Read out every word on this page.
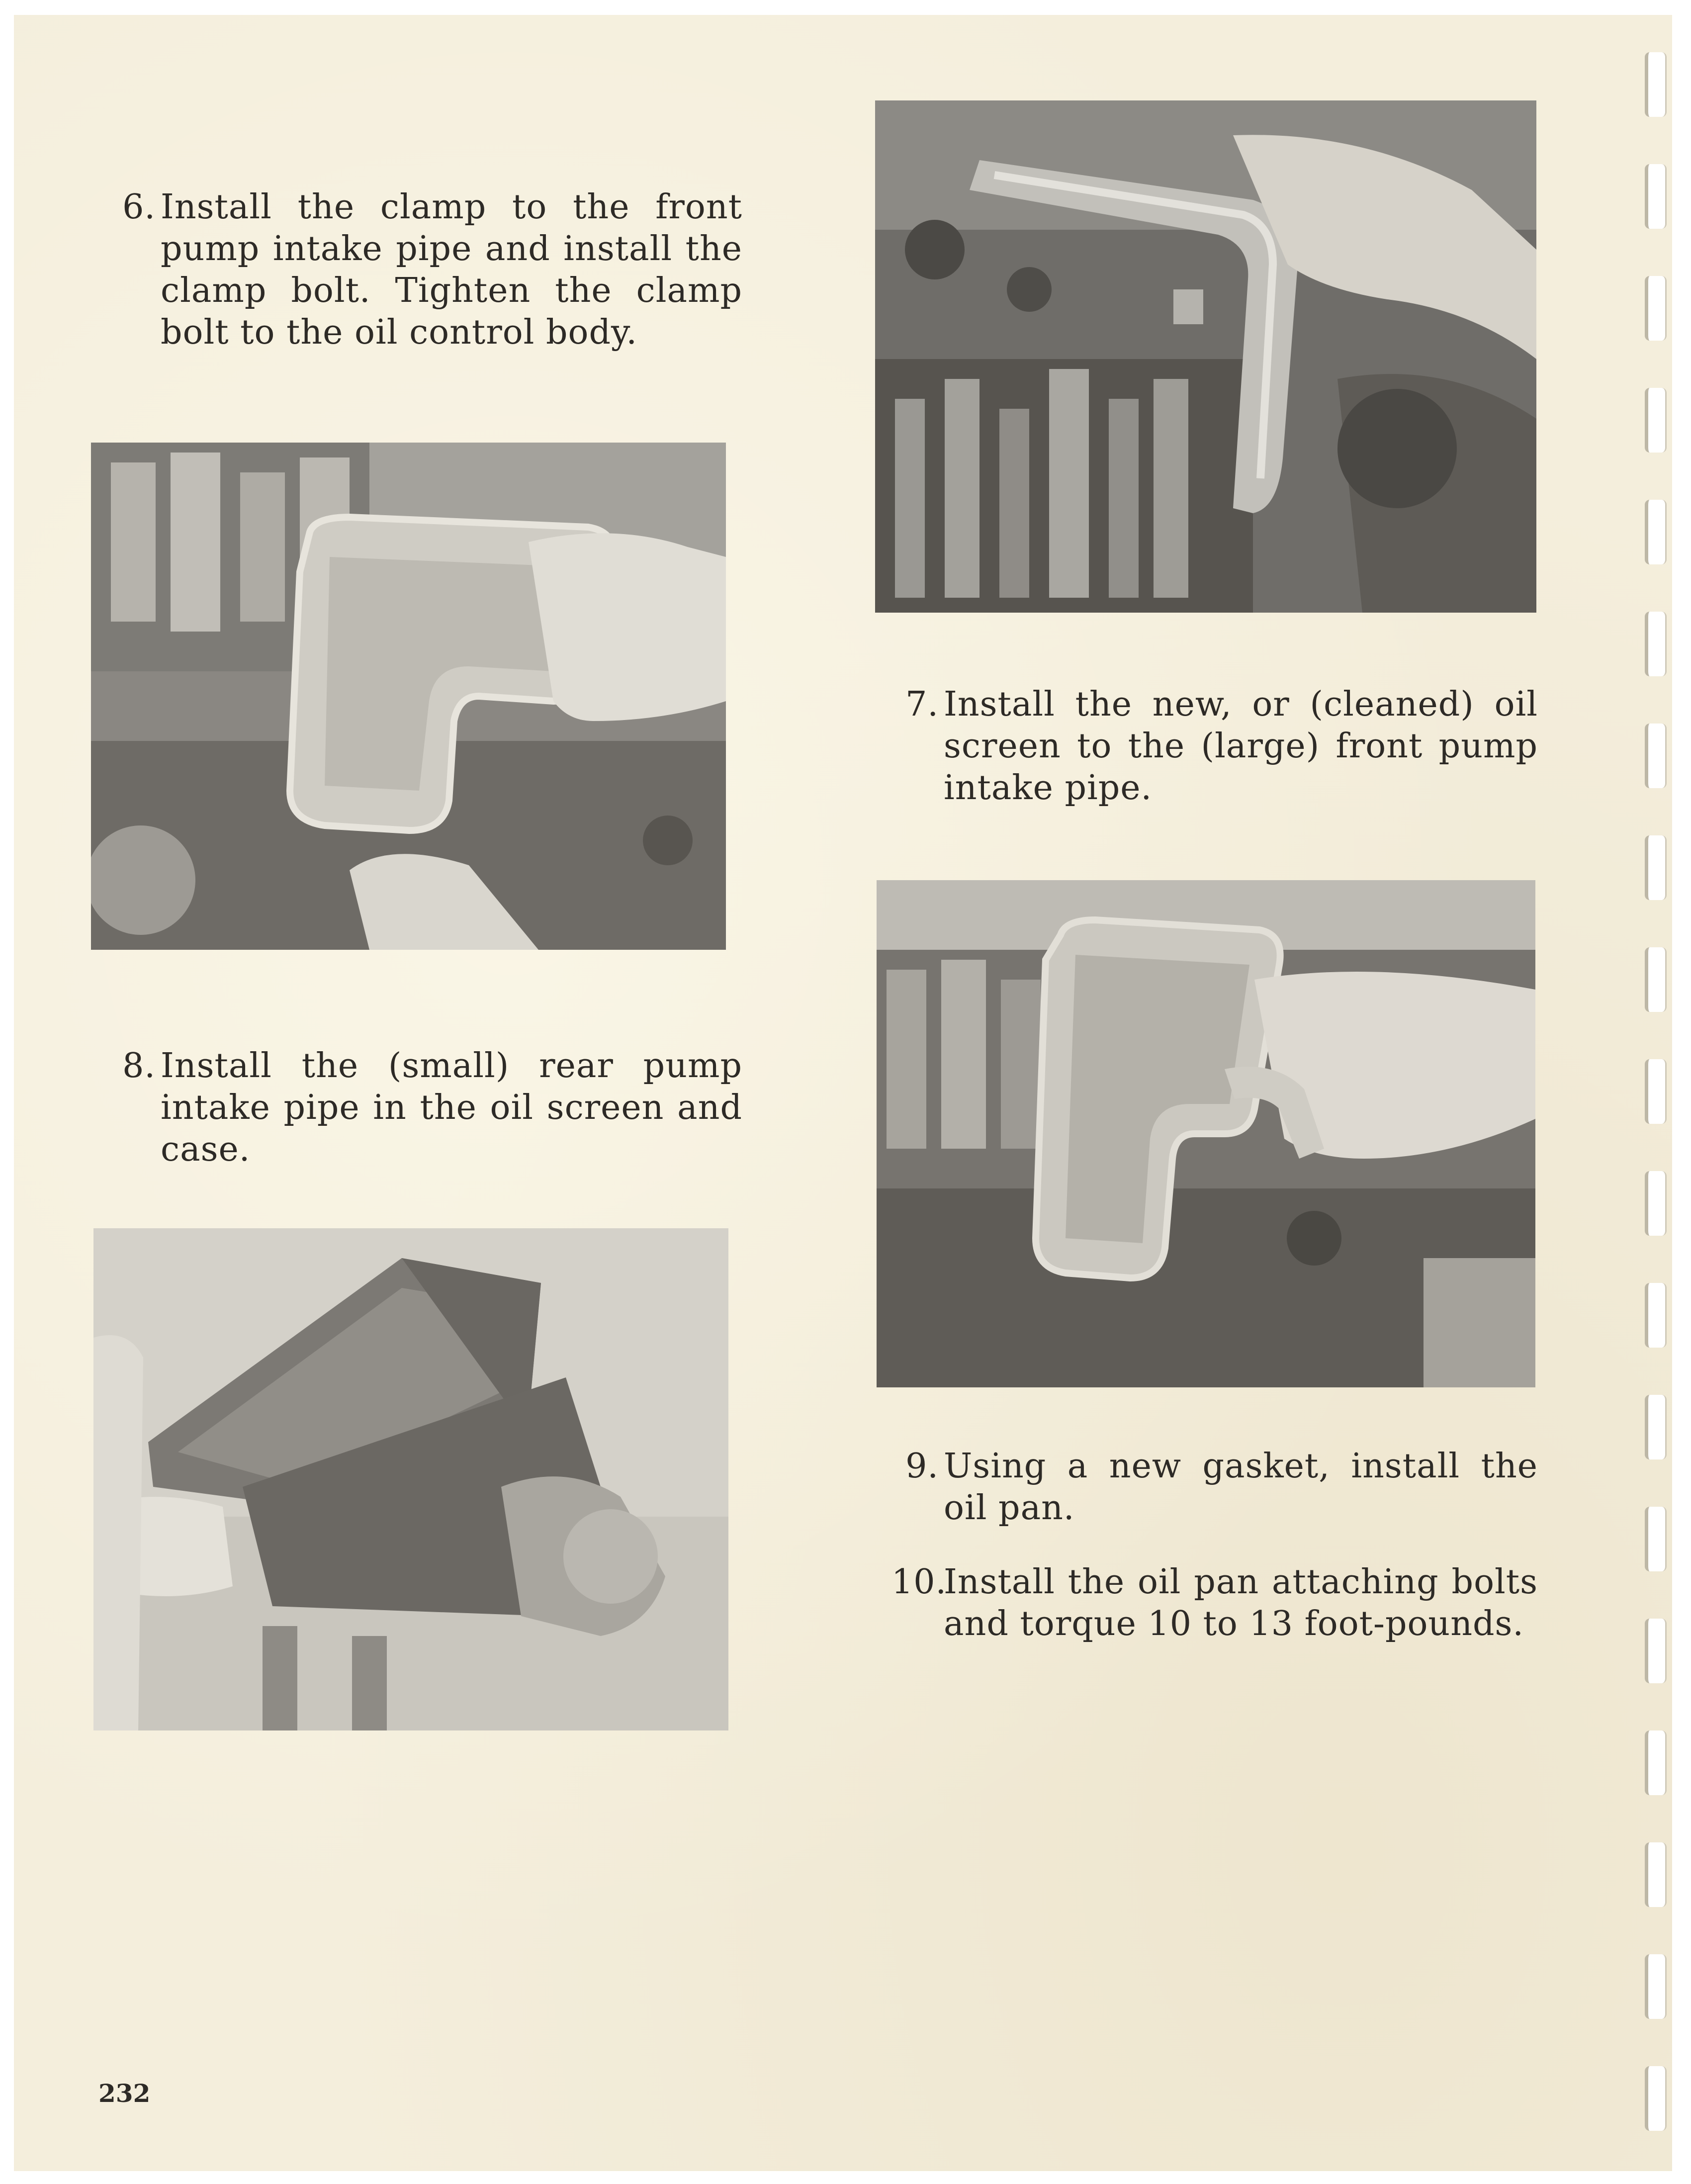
6. Install the clamp to the front pump intake pipe and install the clamp bolt. Tighten the clamp bolt to the oil control body.
7. Install the new, or (cleaned) oil screen to the (large) front pump intake pipe.
8. Install the (small) rear pump intake pipe in the oil screen and case.
9. Using a new gasket, install the oil pan.
10.
Install the oil pan attaching bolts and torque 10 to 13 foot-pounds.
232
